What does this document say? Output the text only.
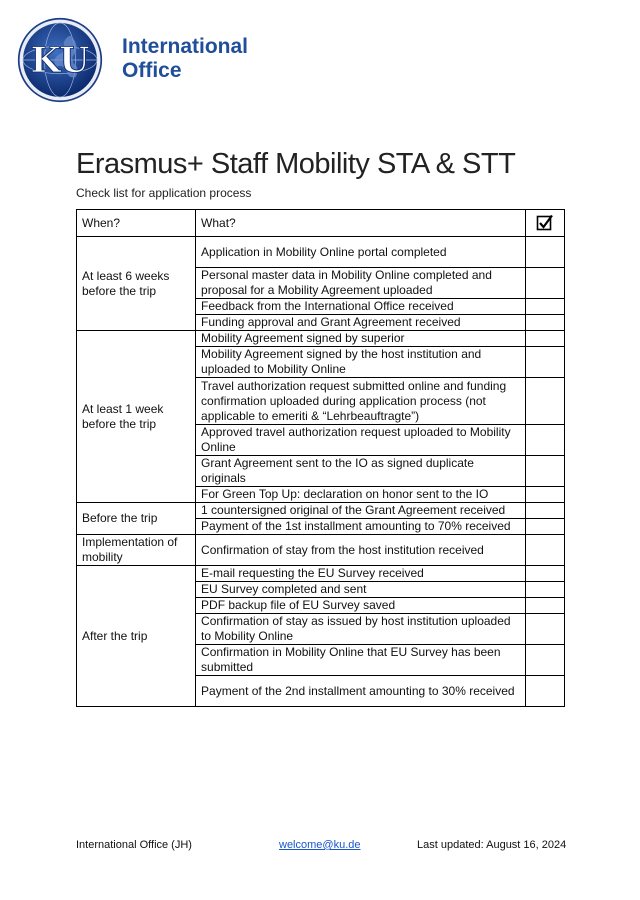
KU International
Office
Erasmus+ Staff Mobility STA & STT
Check list for application process
When?	What?	
At least 6 weeks before the trip	Application in Mobility Online portal completed	
	Personal master data in Mobility Online completed and proposal for a Mobility Agreement uploaded	
	Feedback from the International Office received	
	Funding approval and Grant Agreement received	
At least 1 week before the trip	Mobility Agreement signed by superior	
	Mobility Agreement signed by the host institution and uploaded to Mobility Online	
	Travel authorization request submitted online and funding confirmation uploaded during application process (not applicable to emeriti & “Lehrbeauftragte”)	
	Approved travel authorization request uploaded to Mobility Online	
	Grant Agreement sent to the IO as signed duplicate originals	
	For Green Top Up: declaration on honor sent to the IO	
Before the trip	1 countersigned original of the Grant Agreement received	
	Payment of the 1st installment amounting to 70% received	
Implementation of mobility	Confirmation of stay from the host institution received	
After the trip	E-mail requesting the EU Survey received	
	EU Survey completed and sent	
	PDF backup file of EU Survey saved	
	Confirmation of stay as issued by host institution uploaded to Mobility Online	
	Confirmation in Mobility Online that EU Survey has been submitted	
	Payment of the 2nd installment amounting to 30% received	
International Office (JH)	welcome@ku.de	Last updated: August 16, 2024
